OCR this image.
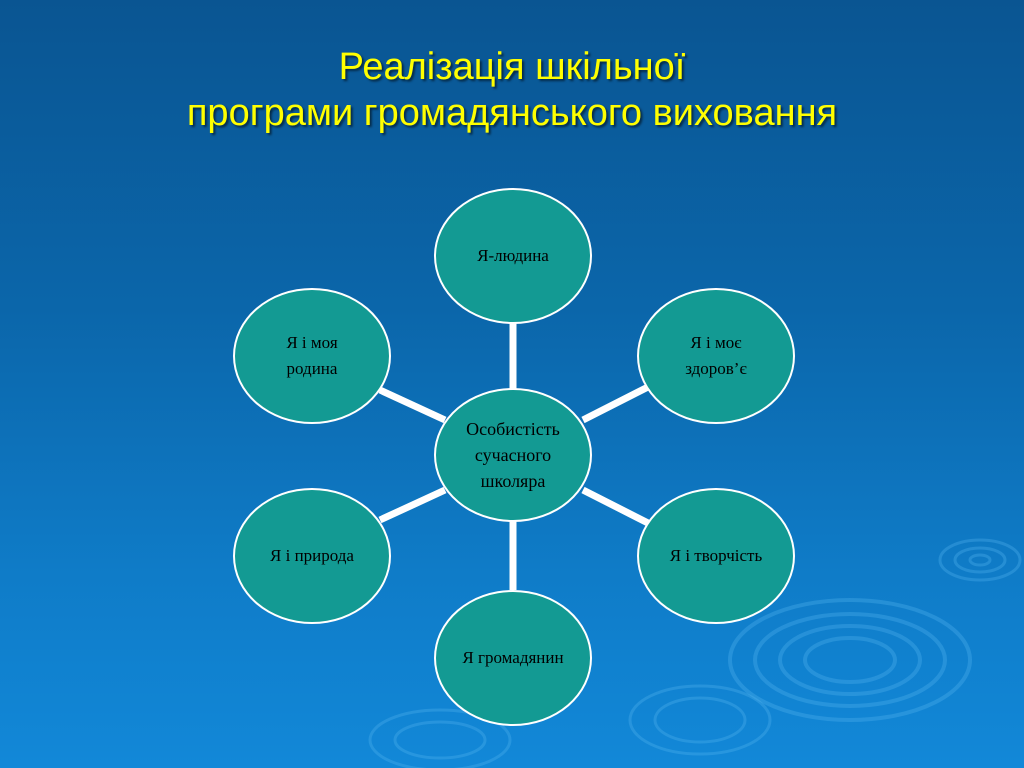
Реалізація шкільної
програми громадянського виховання
Особистість
сучасного
школяра
Я-людина
Я і моє
здоров’є
Я і творчість
Я громадянин
Я і природа
Я і моя
родина
